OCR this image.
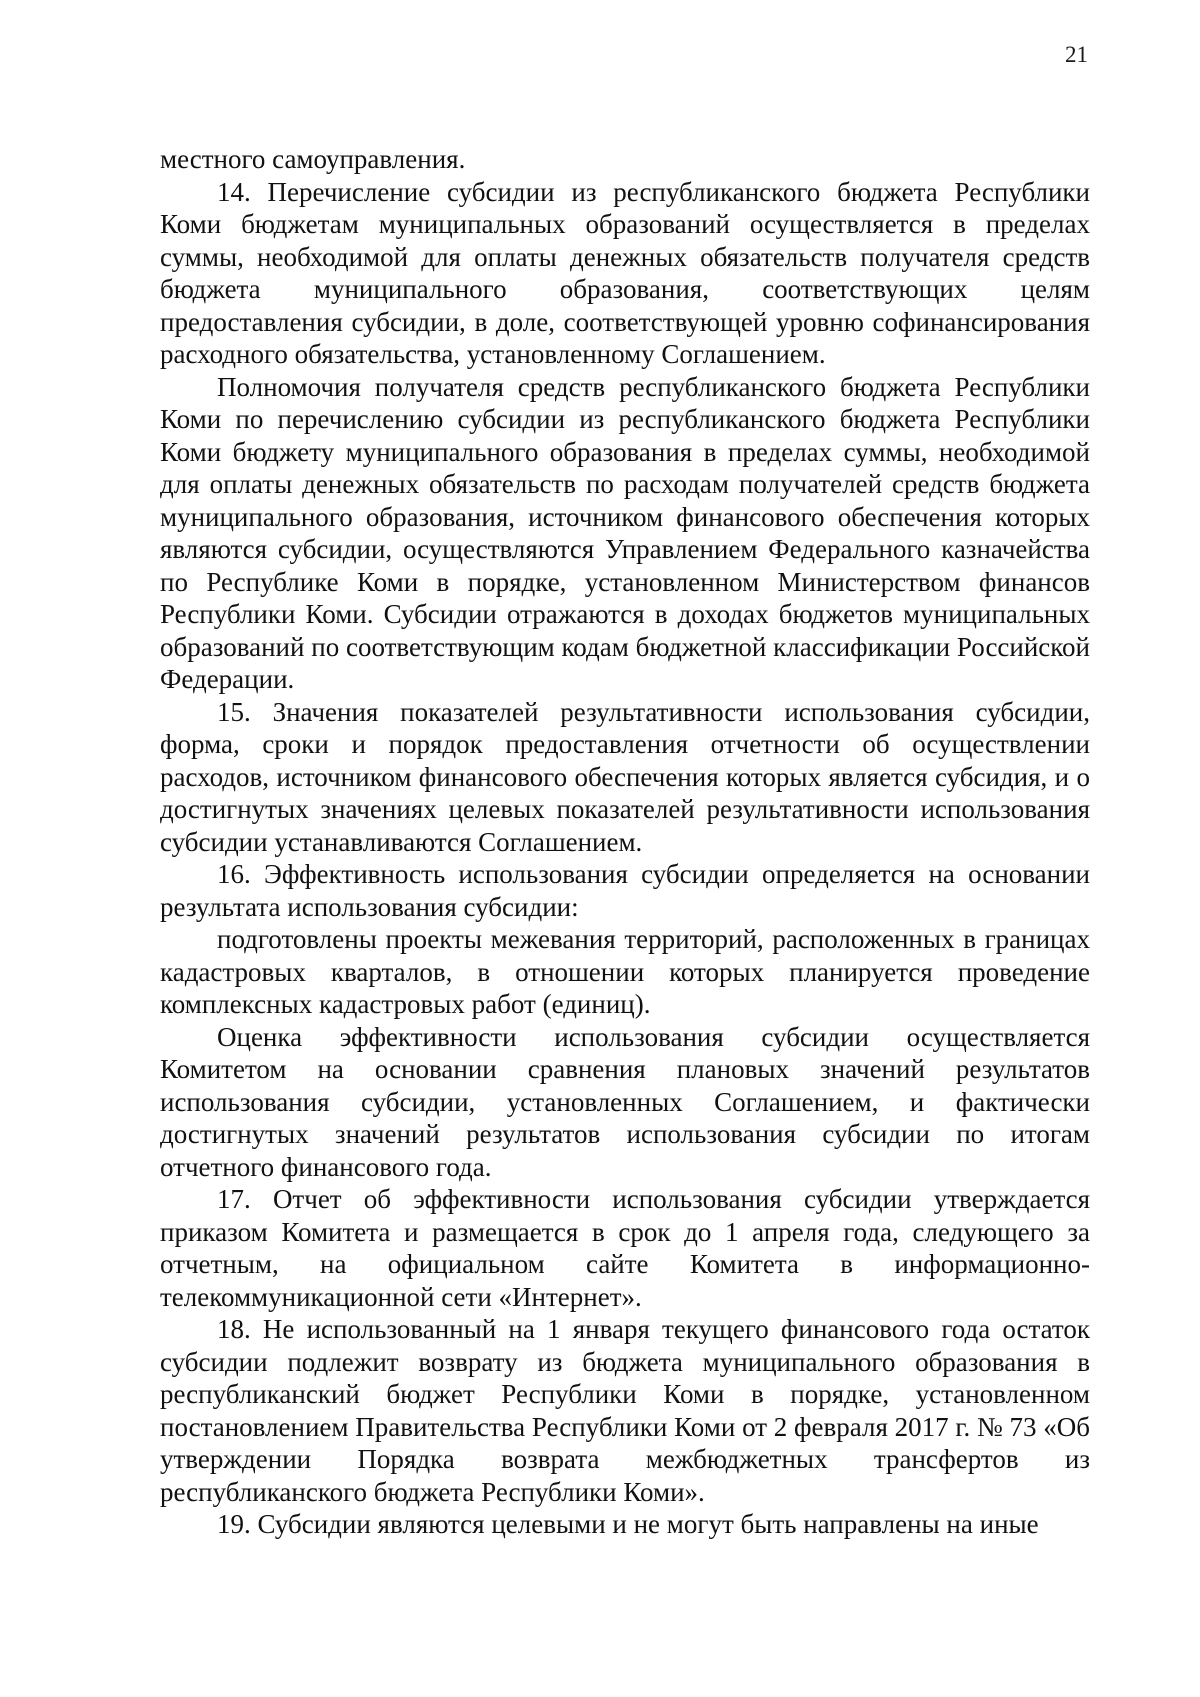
21

местного самоуправления.

14. Перечисление субсидии из республиканского бюджета Республики Коми бюджетам муниципальных образований осуществляется в пределах суммы, необходимой для оплаты денежных обязательств получателя средств бюджета муниципального образования, соответствующих целям предоставления субсидии, в доле, соответствующей уровню софинансирования расходного обязательства, установленному Соглашением.

Полномочия получателя средств республиканского бюджета Республики Коми по перечислению субсидии из республиканского бюджета Республики Коми бюджету муниципального образования в пределах суммы, необходимой для оплаты денежных обязательств по расходам получателей средств бюджета муниципального образования, источником финансового обеспечения которых являются субсидии, осуществляются Управлением Федерального казначейства по Республике Коми в порядке, установленном Министерством финансов Республики Коми. Субсидии отражаются в доходах бюджетов муниципальных образований по соответствующим кодам бюджетной классификации Российской Федерации.

15. Значения показателей результативности использования субсидии, форма, сроки и порядок предоставления отчетности об осуществлении расходов, источником финансового обеспечения которых является субсидия, и о достигнутых значениях целевых показателей результативности использования субсидии устанавливаются Соглашением.

16. Эффективность использования субсидии определяется на основании результата использования субсидии:

подготовлены проекты межевания территорий, расположенных в границах кадастровых кварталов, в отношении которых планируется проведение комплексных кадастровых работ (единиц).

Оценка эффективности использования субсидии осуществляется Комитетом на основании сравнения плановых значений результатов использования субсидии, установленных Соглашением, и фактически достигнутых значений результатов использования субсидии по итогам отчетного финансового года.

17. Отчет об эффективности использования субсидии утверждается приказом Комитета и размещается в срок до 1 апреля года, следующего за отчетным, на официальном сайте Комитета в информационно-телекоммуникационной сети «Интернет».

18. Не использованный на 1 января текущего финансового года остаток субсидии подлежит возврату из бюджета муниципального образования в республиканский бюджет Республики Коми в порядке, установленном постановлением Правительства Республики Коми от 2 февраля 2017 г. № 73 «Об утверждении Порядка возврата межбюджетных трансфертов из республиканского бюджета Республики Коми».

19. Субсидии являются целевыми и не могут быть направлены на иные
